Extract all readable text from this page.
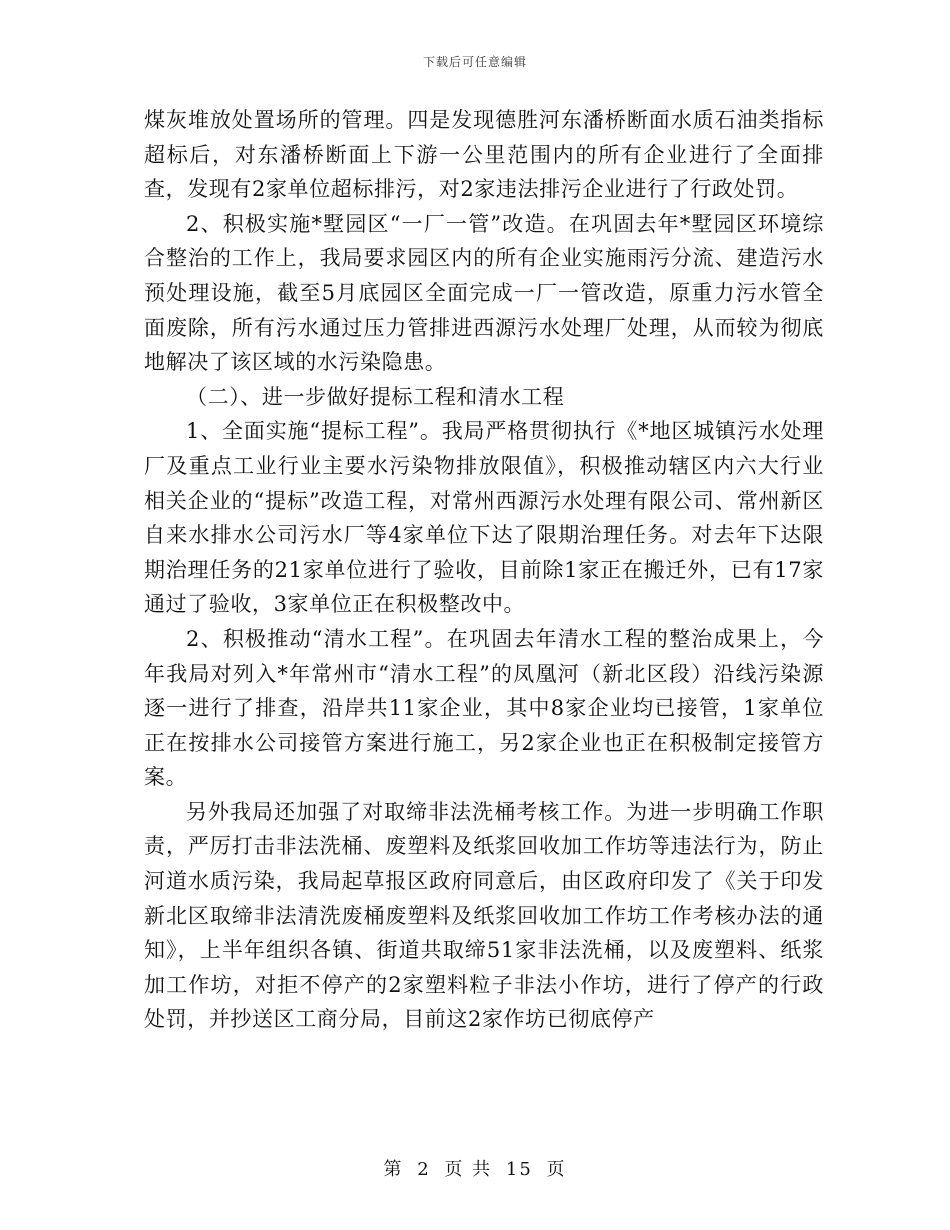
下载后可任意编辑

煤灰堆放处置场所的管理。四是发现德胜河东潘桥断面水质石油类指标超标后，对东潘桥断面上下游一公里范围内的所有企业进行了全面排查，发现有2家单位超标排污，对2家违法排污企业进行了行政处罚。

2、积极实施*墅园区“一厂一管”改造。在巩固去年*墅园区环境综合整治的工作上，我局要求园区内的所有企业实施雨污分流、建造污水预处理设施，截至5月底园区全面完成一厂一管改造，原重力污水管全面废除，所有污水通过压力管排进西源污水处理厂处理，从而较为彻底地解决了该区域的水污染隐患。

（二）、进一步做好提标工程和清水工程

1、全面实施“提标工程”。我局严格贯彻执行《*地区城镇污水处理厂及重点工业行业主要水污染物排放限值》，积极推动辖区内六大行业相关企业的“提标”改造工程，对常州西源污水处理有限公司、常州新区自来水排水公司污水厂等4家单位下达了限期治理任务。对去年下达限期治理任务的21家单位进行了验收，目前除1家正在搬迁外，已有17家通过了验收，3家单位正在积极整改中。

2、积极推动“清水工程”。在巩固去年清水工程的整治成果上，今年我局对列入*年常州市“清水工程”的凤凰河（新北区段）沿线污染源逐一进行了排查，沿岸共11家企业，其中8家企业均已接管，1家单位正在按排水公司接管方案进行施工，另2家企业也正在积极制定接管方案。

另外我局还加强了对取缔非法洗桶考核工作。为进一步明确工作职责，严厉打击非法洗桶、废塑料及纸浆回收加工作坊等违法行为，防止河道水质污染，我局起草报区政府同意后，由区政府印发了《关于印发新北区取缔非法清洗废桶废塑料及纸浆回收加工作坊工作考核办法的通知》，上半年组织各镇、街道共取缔51家非法洗桶，以及废塑料、纸浆加工作坊，对拒不停产的2家塑料粒子非法小作坊，进行了停产的行政处罚，并抄送区工商分局，目前这2家作坊已彻底停产

第 2 页 共 15 页
